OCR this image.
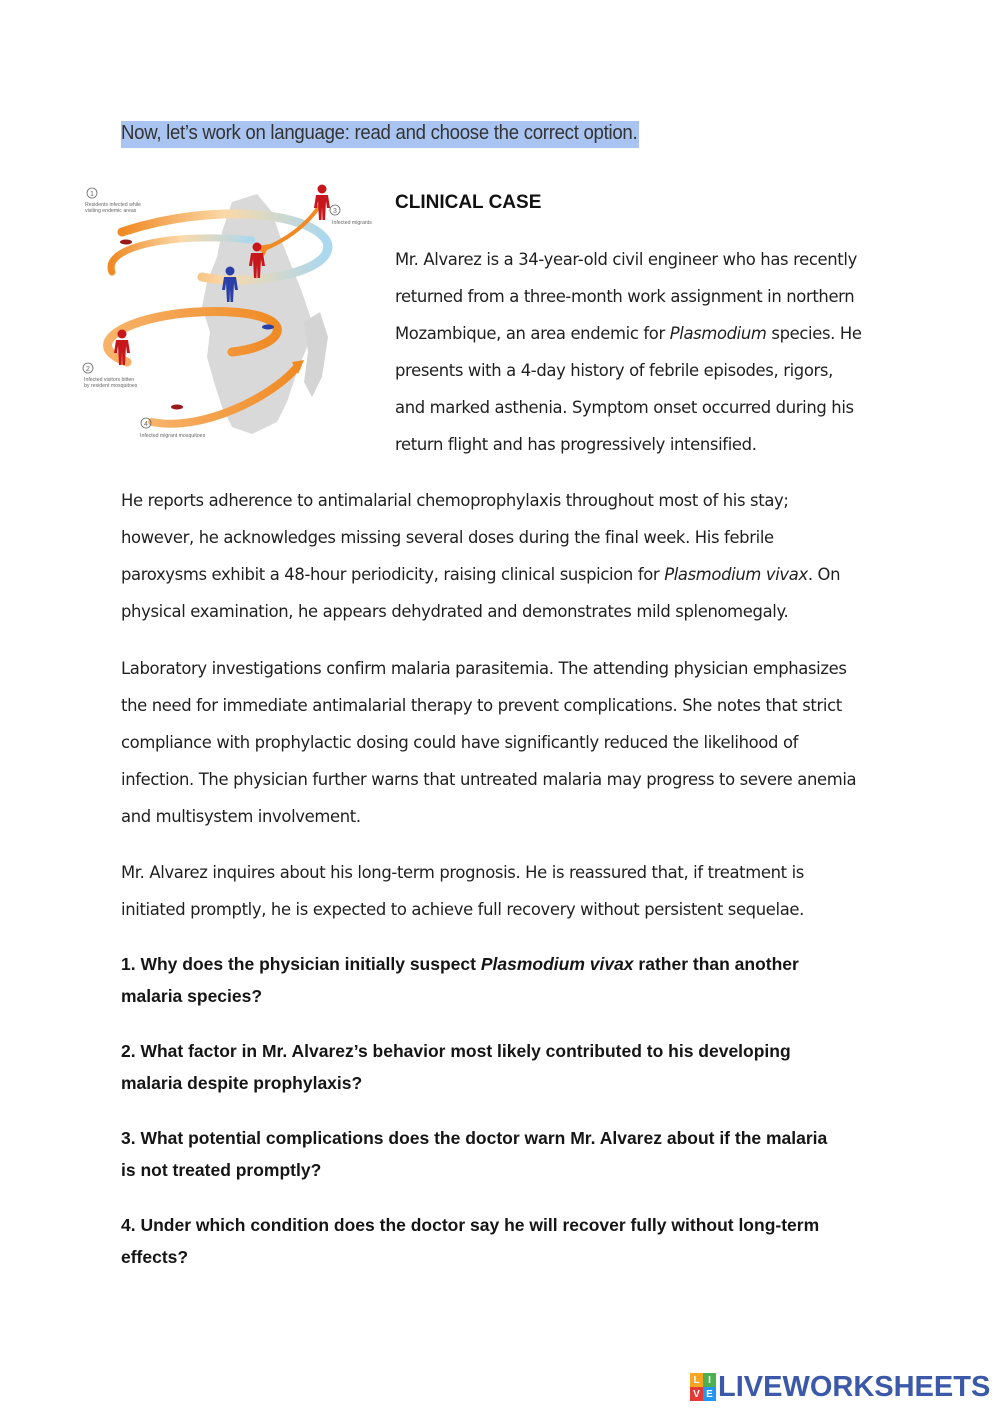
Now, let’s work on language: read and choose the correct option.
1
Residents infected while
visiting endemic areas	3
Infected migrants
2
Infected visitors bitten
by resident mosquitoes
4
Infected migrant mosquitoes
CLINICAL CASE
Mr. Alvarez is a 34-year-old civil engineer who has recently
returned from a three-month work assignment in northern
Mozambique, an area endemic for Plasmodium species. He
presents with a 4-day history of febrile episodes, rigors,
and marked asthenia. Symptom onset occurred during his
return flight and has progressively intensified.
He reports adherence to antimalarial chemoprophylaxis throughout most of his stay;
however, he acknowledges missing several doses during the final week. His febrile
paroxysms exhibit a 48-hour periodicity, raising clinical suspicion for Plasmodium vivax. On
physical examination, he appears dehydrated and demonstrates mild splenomegaly.
Laboratory investigations confirm malaria parasitemia. The attending physician emphasizes
the need for immediate antimalarial therapy to prevent complications. She notes that strict
compliance with prophylactic dosing could have significantly reduced the likelihood of
infection. The physician further warns that untreated malaria may progress to severe anemia
and multisystem involvement.
Mr. Alvarez inquires about his long-term prognosis. He is reassured that, if treatment is
initiated promptly, he is expected to achieve full recovery without persistent sequelae.
1. Why does the physician initially suspect Plasmodium vivax rather than another
malaria species?
2. What factor in Mr. Alvarez’s behavior most likely contributed to his developing
malaria despite prophylaxis?
3. What potential complications does the doctor warn Mr. Alvarez about if the malaria
is not treated promptly?
4. Under which condition does the doctor say he will recover fully without long-term
effects?
L I
V E LIVEWORKSHEETS
